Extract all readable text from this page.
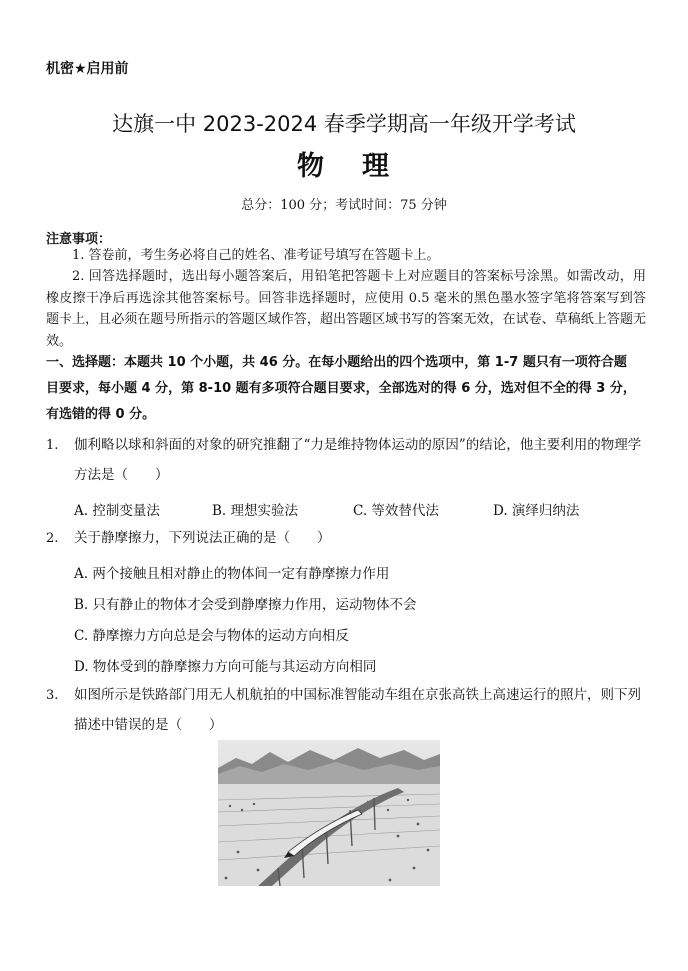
机密★启用前
达旗一中 2023-2024 春季学期高一年级开学考试
物 理
总分：100 分；考试时间：75 分钟
注意事项：
1. 答卷前，考生务必将自己的姓名、准考证号填写在答题卡上。
2. 回答选择题时，选出每小题答案后，用铅笔把答题卡上对应题目的答案标号涂黑。如需改动，用橡皮擦干净后再选涂其他答案标号。回答非选择题时，应使用 0.5 毫米的黑色墨水签字笔将答案写到答题卡上，且必须在题号所指示的答题区域作答，超出答题区域书写的答案无效，在试卷、草稿纸上答题无效。
一、选择题：本题共 10 个小题，共 46 分。在每小题给出的四个选项中，第 1-7 题只有一项符合题　目要求，每小题 4 分，第 8-10 题有多项符合题目要求，全部选对的得 6 分，选对但不全的得 3 分，有选错的得 0 分。
1. 伽利略以球和斜面的对象的研究推翻了“力是维持物体运动的原因”的结论，他主要利用的物理学方法是（　　）
A. 控制变量法	B. 理想实验法	C. 等效替代法	D. 演绎归纳法
2. 关于静摩擦力，下列说法正确的是（　　）
A. 两个接触且相对静止的物体间一定有静摩擦力作用
B. 只有静止的物体才会受到静摩擦力作用，运动物体不会
C. 静摩擦力方向总是会与物体的运动方向相反
D. 物体受到的静摩擦力方向可能与其运动方向相同
3. 如图所示是铁路部门用无人机航拍的中国标准智能动车组在京张高铁上高速运行的照片，则下列描述中错误的是（　　）
